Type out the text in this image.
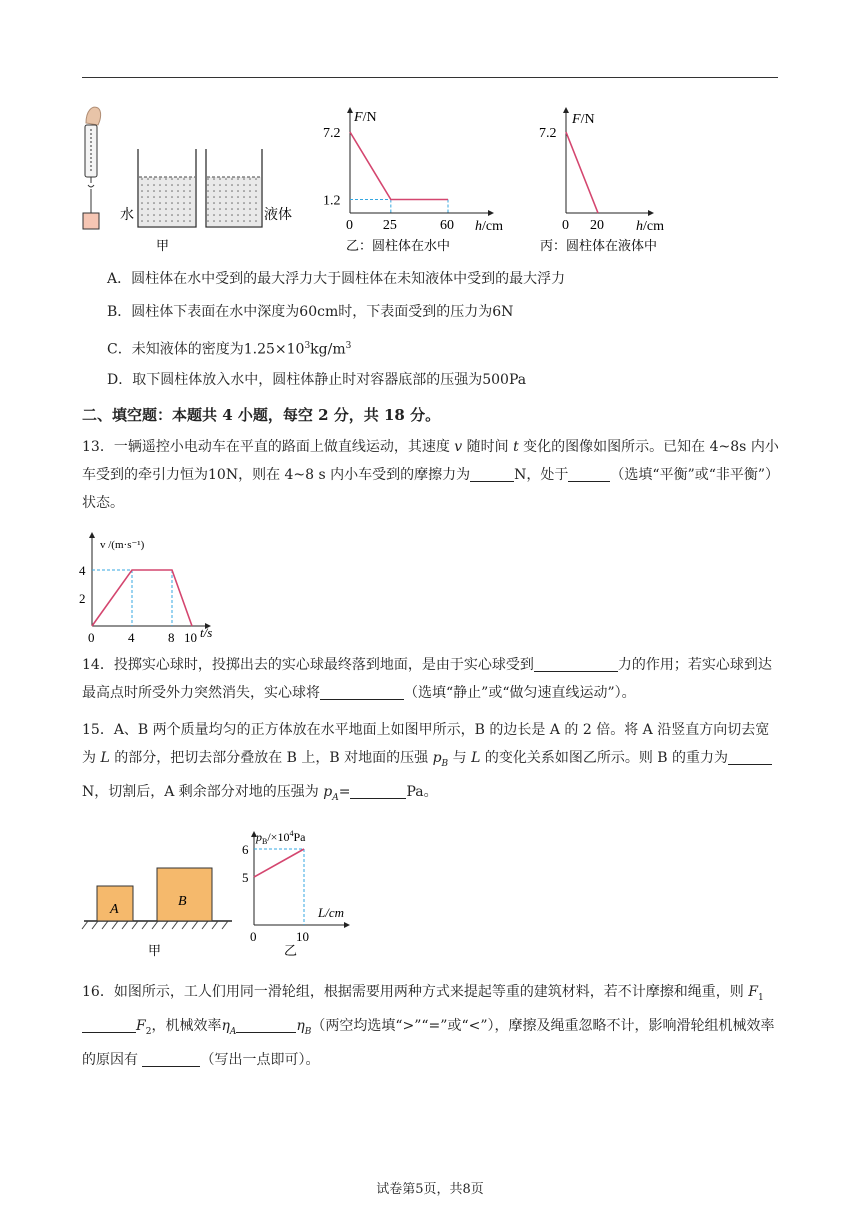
水	液体
甲
F/N
h/cm
乙：圆柱体在水中
0 25	60
7.2
1.2
F/N
h/cm
丙：圆柱体在液体中
0 20
7.2
A．圆柱体在水中受到的最大浮力大于圆柱体在未知液体中受到的最大浮力
B．圆柱体下表面在水中深度为60cm时，下表面受到的压力为6N
C．未知液体的密度为$1.25\times 10^3kg/m^3$
D．取下圆柱体放入水中，圆柱体静止时对容器底部的压强为500Pa
二、填空题：本题共 4 小题，每空 2 分，共 18 分。
13．一辆遥控小电动车在平直的路面上做直线运动，其速度 v 随时间 t 变化的图像如图所示。已知在 4~8s 内小车受到的牵引力恒为10N，则在 4~8 s 内小车受到的摩擦力为	N，处于	（选填“平衡”或“非平衡”）状态。
v /(m·s⁻¹)
t/s
0	4	8 10
2
4
14．投掷实心球时，投掷出去的实心球最终落到地面，是由于实心球受到	力的作用；若实心球到达最高点时所受外力突然消失，实心球将	（选填“静止”或“做匀速直线运动”）。
15．A、B 两个质量均匀的正方体放在水平地面上如图甲所示，B 的边长是 A 的 2 倍。将 A 沿竖直方向切去宽为 L 的部分，把切去部分叠放在 B 上，B 对地面的压强 $p_B$ 与 L 的变化关系如图乙所示。则 B 的重力为N，切割后，A 剩余部分对地的压强为 $p_A=$	Pa。
A
B
甲
$p_B/\times 10^4Pa$
L/cm
乙
6
5
0	10
16．如图所示，工人们用同一滑轮组，根据需要用两种方式来提起等重的建筑材料，若不计摩擦和绳重，则 $F_1F_2$，机械效率$\eta_A$	$\eta_B$（两空均选填“>”“=”或“<”），摩擦及绳重忽略不计，影响滑轮组机械效率的原因有	（写出一点即可）。
试卷第5页，共8页
